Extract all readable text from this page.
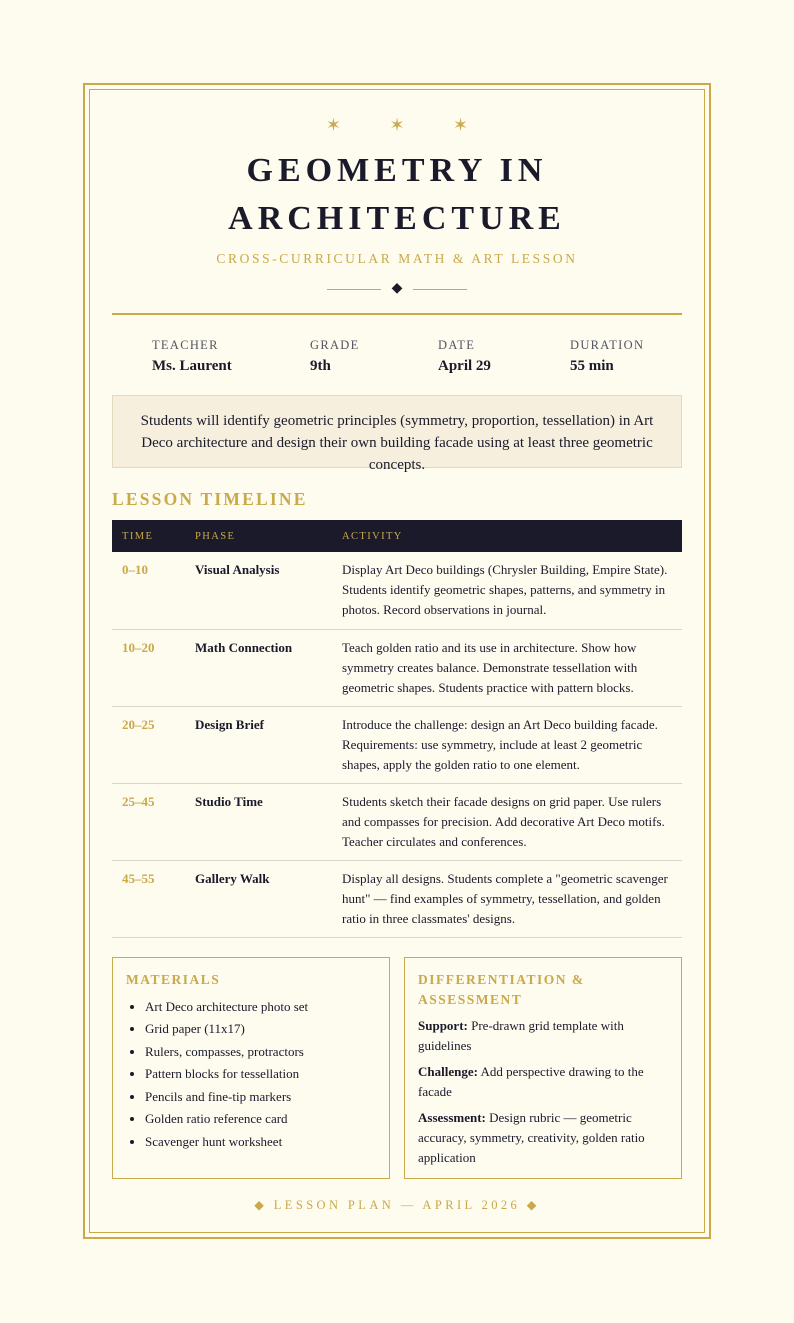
✶ ✶ ✶
GEOMETRY IN
ARCHITECTURE
CROSS-CURRICULAR MATH & ART LESSON
◆
TEACHER
Ms. Laurent
GRADE
9th
DATE
April 29
DURATION
55 min
Students will identify geometric principles (symmetry, proportion, tessellation) in Art Deco architecture and design their own building facade using at least three geometric concepts.
LESSON TIMELINE
TIME	PHASE	ACTIVITY
0–10	Visual Analysis	Display Art Deco buildings (Chrysler Building, Empire State). Students identify geometric shapes, patterns, and symmetry in photos. Record observations in journal.
10–20	Math Connection	Teach golden ratio and its use in architecture. Show how symmetry creates balance. Demonstrate tessellation with geometric shapes. Students practice with pattern blocks.
20–25	Design Brief	Introduce the challenge: design an Art Deco building facade. Requirements: use symmetry, include at least 2 geometric shapes, apply the golden ratio to one element.
25–45	Studio Time	Students sketch their facade designs on grid paper. Use rulers and compasses for precision. Add decorative Art Deco motifs. Teacher circulates and conferences.
45–55	Gallery Walk	Display all designs. Students complete a "geometric scavenger hunt" — find examples of symmetry, tessellation, and golden ratio in three classmates' designs.
MATERIALS
• Art Deco architecture photo set
• Grid paper (11x17)
• Rulers, compasses, protractors
• Pattern blocks for tessellation
• Pencils and fine-tip markers
• Golden ratio reference card
• Scavenger hunt worksheet
DIFFERENTIATION & ASSESSMENT

Support: Pre-drawn grid template with guidelines

Challenge: Add perspective drawing to the facade

Assessment: Design rubric — geometric accuracy, symmetry, creativity, golden ratio application

◆ LESSON PLAN — APRIL 2026 ◆
